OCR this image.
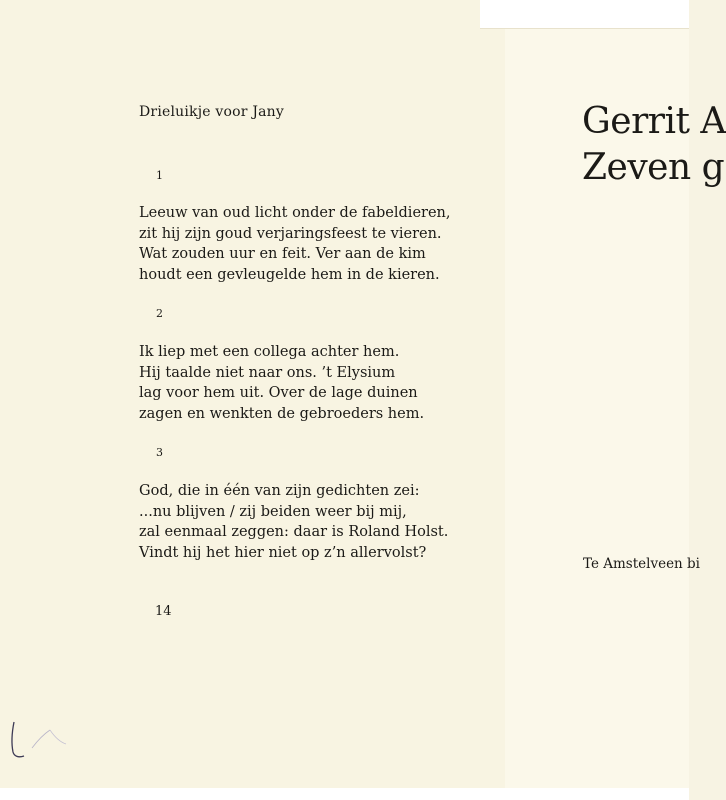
Drieluikje voor Jany
1
Leeuw van oud licht onder de fabeldieren,
zit hij zijn goud verjaringsfeest te vieren.
Wat zouden uur en feit. Ver aan de kim
houdt een gevleugelde hem in de kieren.
2
Ik liep met een collega achter hem.
Hij taalde niet naar ons. ’t Elysium
lag voor hem uit. Over de lage duinen
zagen en wenkten de gebroeders hem.
3
God, die in één van zijn gedichten zei:
...nu blijven / zij beiden weer bij mij,
zal eenmaal zeggen: daar is Roland Holst.
Vindt hij het hier niet op z’n allervolst?
14
Gerrit A
Zeven g
Te Amstelveen bi
